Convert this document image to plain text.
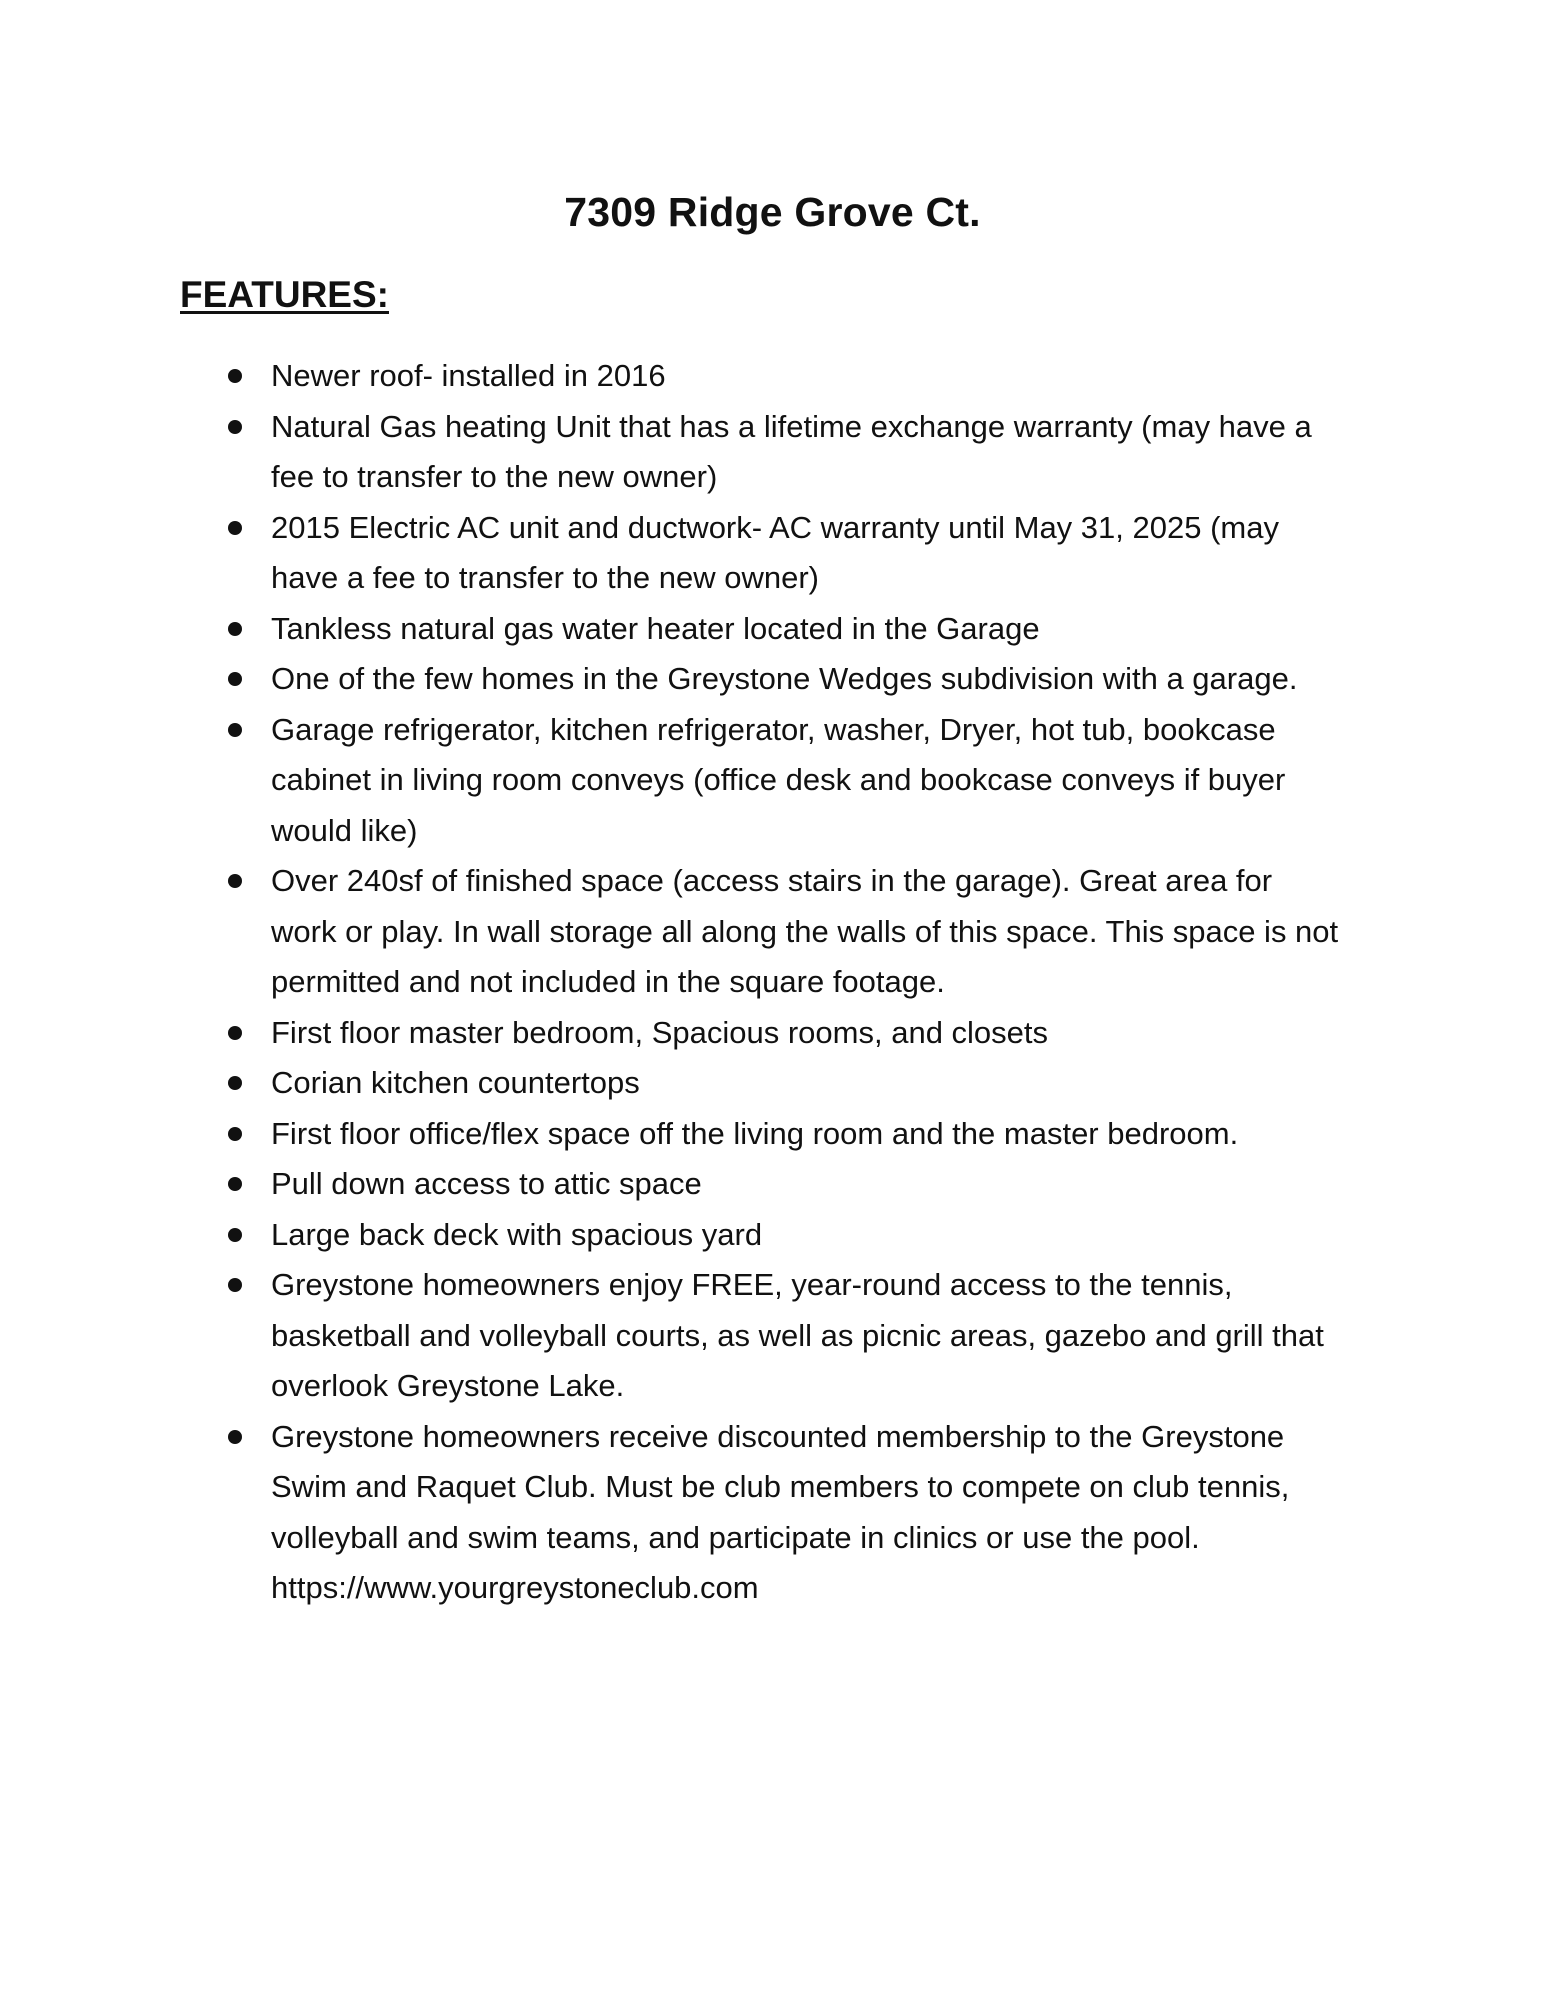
7309 Ridge Grove Ct.
FEATURES:
Newer roof- installed in 2016
Natural Gas heating Unit that has a lifetime exchange warranty (may have a fee to transfer to the new owner)
2015 Electric AC unit and ductwork- AC warranty until May 31, 2025 (may have a fee to transfer to the new owner)
Tankless natural gas water heater located in the Garage
One of the few homes in the Greystone Wedges subdivision with a garage.
Garage refrigerator, kitchen refrigerator, washer, Dryer, hot tub, bookcase cabinet in living room conveys (office desk and bookcase conveys if buyer would like)
Over 240sf of finished space (access stairs in the garage). Great area for work or play. In wall storage all along the walls of this space. This space is not permitted and not included in the square footage.
First floor master bedroom, Spacious rooms, and closets
Corian kitchen countertops
First floor office/flex space off the living room and the master bedroom.
Pull down access to attic space
Large back deck with spacious yard
Greystone homeowners enjoy FREE, year-round access to the tennis, basketball and volleyball courts, as well as picnic areas, gazebo and grill that overlook Greystone Lake.
Greystone homeowners receive discounted membership to the Greystone Swim and Raquet Club. Must be club members to compete on club tennis, volleyball and swim teams, and participate in clinics or use the pool. https://www.yourgreystoneclub.com
